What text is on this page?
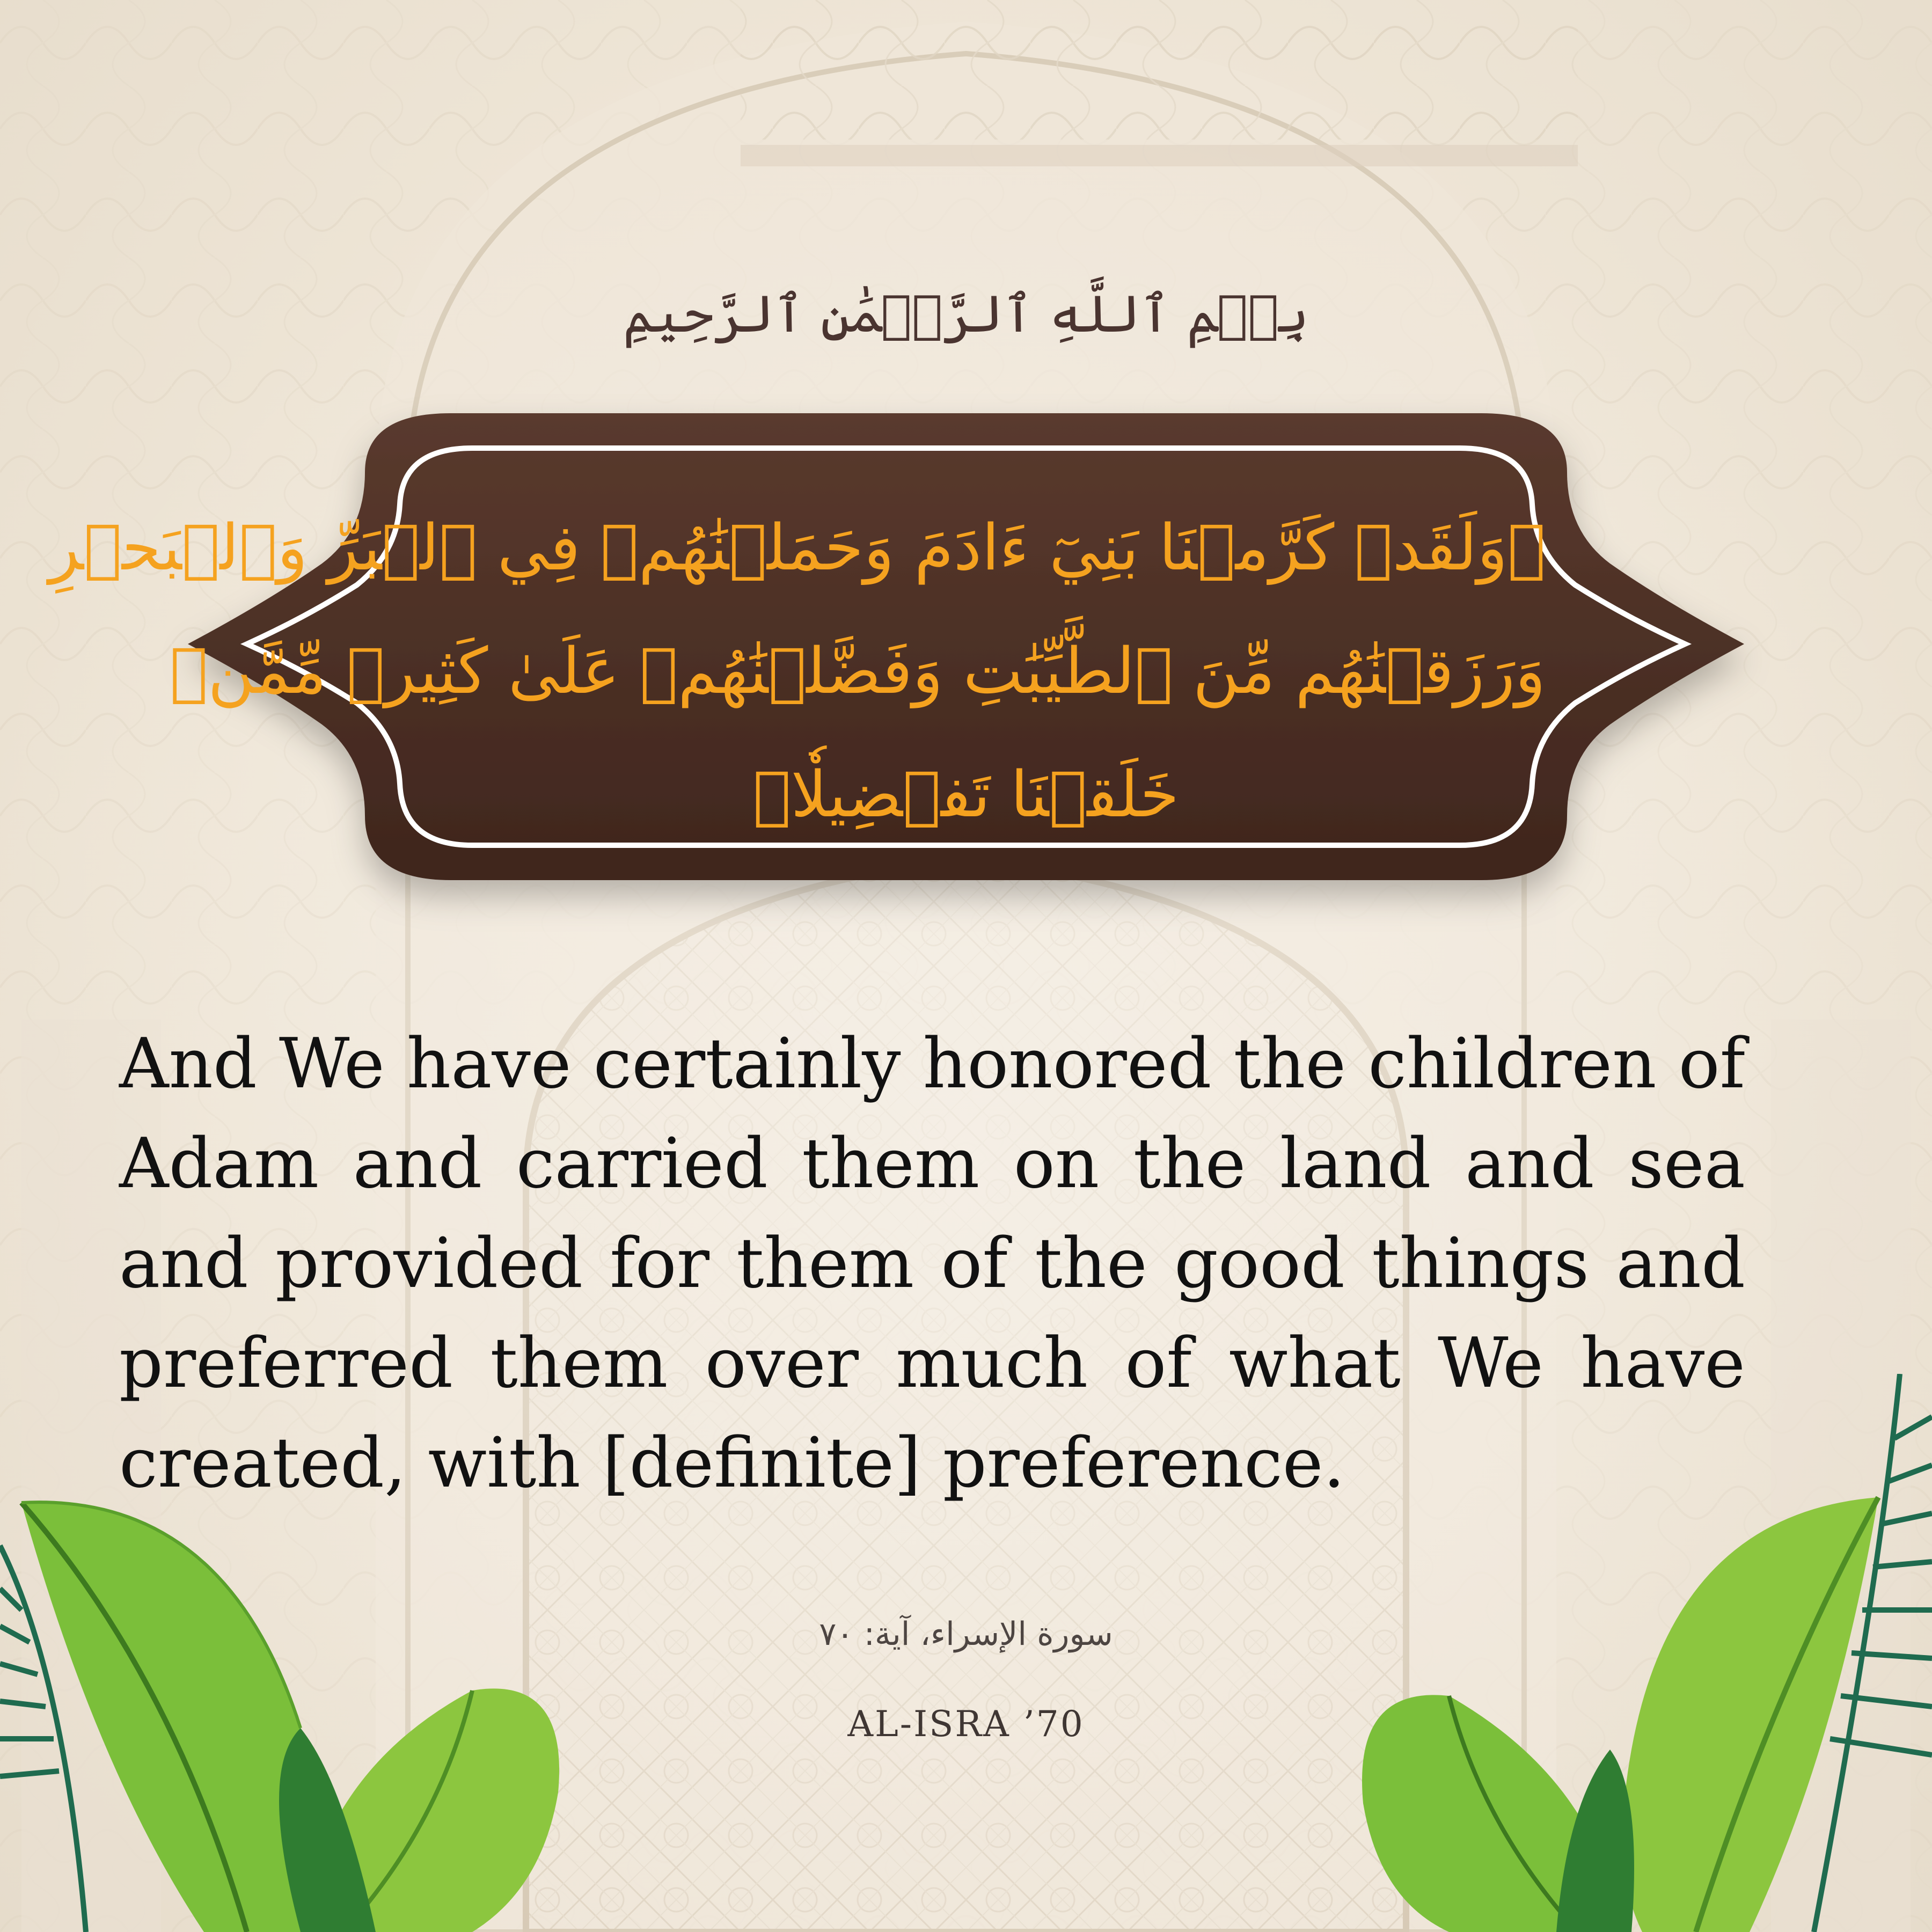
بِسۡمِ ٱللَّهِ ٱلرَّحۡمَٰنِ ٱلرَّحِيمِ
﴿وَلَقَدۡ كَرَّمۡنَا بَنِيٓ ءَادَمَ وَحَمَلۡنَٰهُمۡ فِي ٱلۡبَرِّ وَٱلۡبَحۡرِ
وَرَزَقۡنَٰهُم مِّنَ ٱلطَّيِّبَٰتِ وَفَضَّلۡنَٰهُمۡ عَلَىٰ كَثِيرٖ مِّمَّنۡ
خَلَقۡنَا تَفۡضِيلٗا﴾
And We have certainly honored the children of Adam and carried them on the land and sea and provided for them of the good things and preferred them over much of what We have created, with [definite] preference.
سورة الإسراء، آية: ٧٠
AL-ISRA ’70
